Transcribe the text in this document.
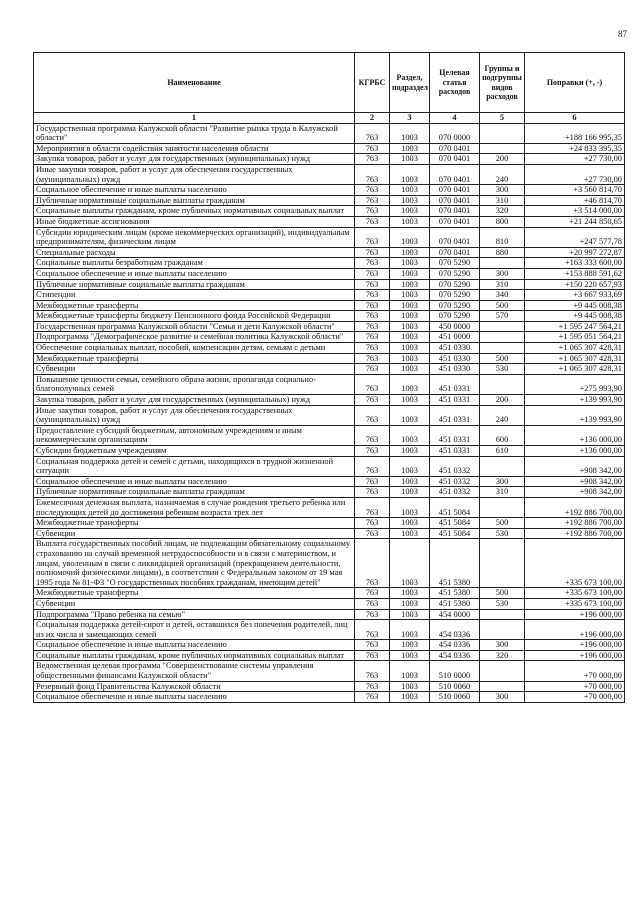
87
Наименование	КГРБС	Раздел, подраздел	Целевая статья расходов	Группы и подгруппы видов расходов	Поправки (+, -)
1	2	3	4	5	6
Государственная программа Калужской области "Развитие рынка труда в Калужской области"	763	1003	070 0000		+188 166 995,35
Мероприятия в области содействия занятости населения области	763	1003	070 0401		+24 833 395,35
Закупка товаров, работ и услуг для государственных (муниципальных) нужд	763	1003	070 0401	200	+27 730,00
Иные закупки товаров, работ и услуг для обеспечения государственных (муниципальных) нужд	763	1003	070 0401	240	+27 730,00
Социальное обеспечение и иные выплаты населению	763	1003	070 0401	300	+3 560 814,70
Публичные нормативные социальные выплаты гражданам	763	1003	070 0401	310	+46 814,70
Социальные выплаты гражданам, кроме публичных нормативных социальных выплат	763	1003	070 0401	320	+3 514 000,00
Иные бюджетные ассигнования	763	1003	070 0401	800	+21 244 850,65
Субсидии юридическим лицам (кроме некоммерческих организаций), индивидуальным предпринимателям, физическим лицам	763	1003	070 0401	810	+247 577,78
Специальные расходы	763	1003	070 0401	880	+20 997 272,87
Социальные выплаты безработным гражданам	763	1003	070 5290		+163 333 600,00
Социальное обеспечение и иные выплаты населению	763	1003	070 5290	300	+153 888 591,62
Публичные нормативные социальные выплаты гражданам	763	1003	070 5290	310	+150 220 657,93
Стипендии	763	1003	070 5290	340	+3 667 933,69
Межбюджетные трансферты	763	1003	070 5290	500	+9 445 008,38
Межбюджетные трансферты бюджету Пенсионного фонда Российской Федерации	763	1003	070 5290	570	+9 445 008,38
Государственная программа Калужской области "Семья и дети Калужской области"	763	1003	450 0000		+1 595 247 564,21
Подпрограмма "Демографическое развитие и семейная политика Калужской области"	763	1003	451 0000		+1 595 051 564,21
Обеспечение социальных выплат, пособий, компенсации детям, семьям с детьми	763	1003	451 0330		+1 065 307 428,31
Межбюджетные трансферты	763	1003	451 0330	500	+1 065 307 428,31
Субвенции	763	1003	451 0330	530	+1 065 307 428,31
Повышение ценности семьи, семейного образа жизни, пропаганда социально-благополучных семей	763	1003	451 0331		+275 993,90
Закупка товаров, работ и услуг для государственных (муниципальных) нужд	763	1003	451 0331	200	+139 993,90
Иные закупки товаров, работ и услуг для обеспечения государственных (муниципальных) нужд	763	1003	451 0331	240	+139 993,90
Предоставление субсидий бюджетным, автономным учреждениям и иным некоммерческим организациям	763	1003	451 0331	600	+136 000,00
Субсидии бюджетным учреждениям	763	1003	451 0331	610	+136 000,00
Социальная поддержка детей и семей с детьми, находящихся в трудной жизненной ситуации	763	1003	451 0332		+908 342,00
Социальное обеспечение и иные выплаты населению	763	1003	451 0332	300	+908 342,00
Публичные нормативные социальные выплаты гражданам	763	1003	451 0332	310	+908 342,00
Ежемесячная денежная выплата, назначаемая в случае рождения третьего ребенка или последующих детей до достижения ребенком возраста трех лет	763	1003	451 5084		+192 886 700,00
Межбюджетные трансферты	763	1003	451 5084	500	+192 886 700,00
Субвенции	763	1003	451 5084	530	+192 886 700,00
Выплата государственных пособий лицам, не подлежащим обязательному социальному страхованию на случай временной нетрудоспособности и в связи с материнством, и лицам, уволенным в связи с ликвидацией организаций (прекращением деятельности, полномочий физическими лицами), в соответствии с Федеральным законом от 19 мая 1995 года № 81-ФЗ "О государственных пособиях гражданам, имеющим детей"	763	1003	451 5380		+335 673 100,00
Межбюджетные трансферты	763	1003	451 5380	500	+335 673 100,00
Субвенции	763	1003	451 5380	530	+335 673 100,00
Подпрограмма "Право ребенка на семью"	763	1003	454 0000		+196 000,00
Социальная поддержка детей-сирот и детей, оставшихся без попечения родителей, лиц из их числа и замещающих семей	763	1003	454 0336		+196 000,00
Социальное обеспечение и иные выплаты населению	763	1003	454 0336	300	+196 000,00
Социальные выплаты гражданам, кроме публичных нормативных социальных выплат	763	1003	454 0336	320	+196 000,00
Ведомственная целевая программа "Совершенствование системы управления общественными финансами Калужской области"	763	1003	510 0000		+70 000,00
Резервный фонд Правительства Калужской области	763	1003	510 0060		+70 000,00
Социальное обеспечение и иные выплаты населению	763	1003	510 0060	300	+70 000,00
